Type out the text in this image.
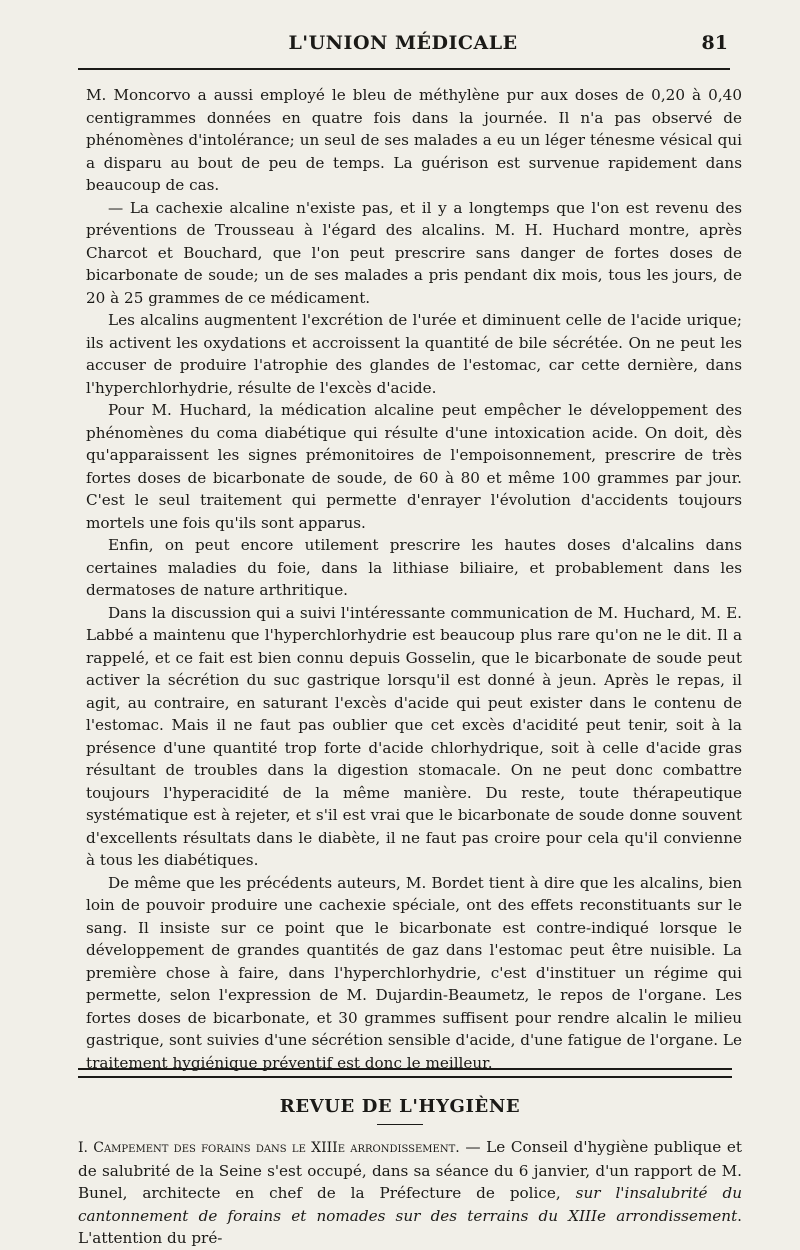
L'UNION MÉDICALE	81

M. Moncorvo a aussi employé le bleu de méthylène pur aux doses de 0,20 à 0,40 centigrammes données en quatre fois dans la journée. Il n'a pas observé de phénomènes d'intolérance; un seul de ses malades a eu un léger ténesme vésical qui a disparu au bout de peu de temps. La guérison est survenue rapidement dans beaucoup de cas.

— La cachexie alcaline n'existe pas, et il y a longtemps que l'on est revenu des préventions de Trousseau à l'égard des alcalins. M. H. Huchard montre, après Charcot et Bouchard, que l'on peut prescrire sans danger de fortes doses de bicarbonate de soude; un de ses malades a pris pendant dix mois, tous les jours, de 20 à 25 grammes de ce médicament.

Les alcalins augmentent l'excrétion de l'urée et diminuent celle de l'acide urique; ils activent les oxydations et accroissent la quantité de bile sécrétée. On ne peut les accuser de produire l'atrophie des glandes de l'estomac, car cette dernière, dans l'hyperchlorhydrie, résulte de l'excès d'acide.

Pour M. Huchard, la médication alcaline peut empêcher le développement des phénomènes du coma diabétique qui résulte d'une intoxication acide. On doit, dès qu'apparaissent les signes prémonitoires de l'empoisonnement, prescrire de très fortes doses de bicarbonate de soude, de 60 à 80 et même 100 grammes par jour. C'est le seul traitement qui permette d'enrayer l'évolution d'accidents toujours mortels une fois qu'ils sont apparus.

Enfin, on peut encore utilement prescrire les hautes doses d'alcalins dans certaines maladies du foie, dans la lithiase biliaire, et probablement dans les dermatoses de nature arthritique.

Dans la discussion qui a suivi l'intéressante communication de M. Huchard, M. E. Labbé a maintenu que l'hyperchlorhydrie est beaucoup plus rare qu'on ne le dit. Il a rappelé, et ce fait est bien connu depuis Gosselin, que le bicarbonate de soude peut activer la sécrétion du suc gastrique lorsqu'il est donné à jeun. Après le repas, il agit, au contraire, en saturant l'excès d'acide qui peut exister dans le contenu de l'estomac. Mais il ne faut pas oublier que cet excès d'acidité peut tenir, soit à la présence d'une quantité trop forte d'acide chlorhydrique, soit à celle d'acide gras résultant de troubles dans la digestion stomacale. On ne peut donc combattre toujours l'hyperacidité de la même manière. Du reste, toute thérapeutique systématique est à rejeter, et s'il est vrai que le bicarbonate de soude donne souvent d'excellents résultats dans le diabète, il ne faut pas croire pour cela qu'il convienne à tous les diabétiques.

De même que les précédents auteurs, M. Bordet tient à dire que les alcalins, bien loin de pouvoir produire une cachexie spéciale, ont des effets reconstituants sur le sang. Il insiste sur ce point que le bicarbonate est contre-indiqué lorsque le développement de grandes quantités de gaz dans l'estomac peut être nuisible. La première chose à faire, dans l'hyperchlorhydrie, c'est d'instituer un régime qui permette, selon l'expression de M. Dujardin-Beaumetz, le repos de l'organe. Les fortes doses de bicarbonate, et 30 grammes suffisent pour rendre alcalin le milieu gastrique, sont suivies d'une sécrétion sensible d'acide, d'une fatigue de l'organe. Le traitement hygiénique préventif est donc le meilleur.

REVUE DE L'HYGIÈNE

I. Campement des forains dans le XIIIe arrondissement. — Le Conseil d'hygiène publique et de salubrité de la Seine s'est occupé, dans sa séance du 6 janvier, d'un rapport de M. Bunel, architecte en chef de la Préfecture de police, sur l'insalubrité du cantonnement de forains et nomades sur des terrains du XIIIe arrondissement. L'attention du pré-
